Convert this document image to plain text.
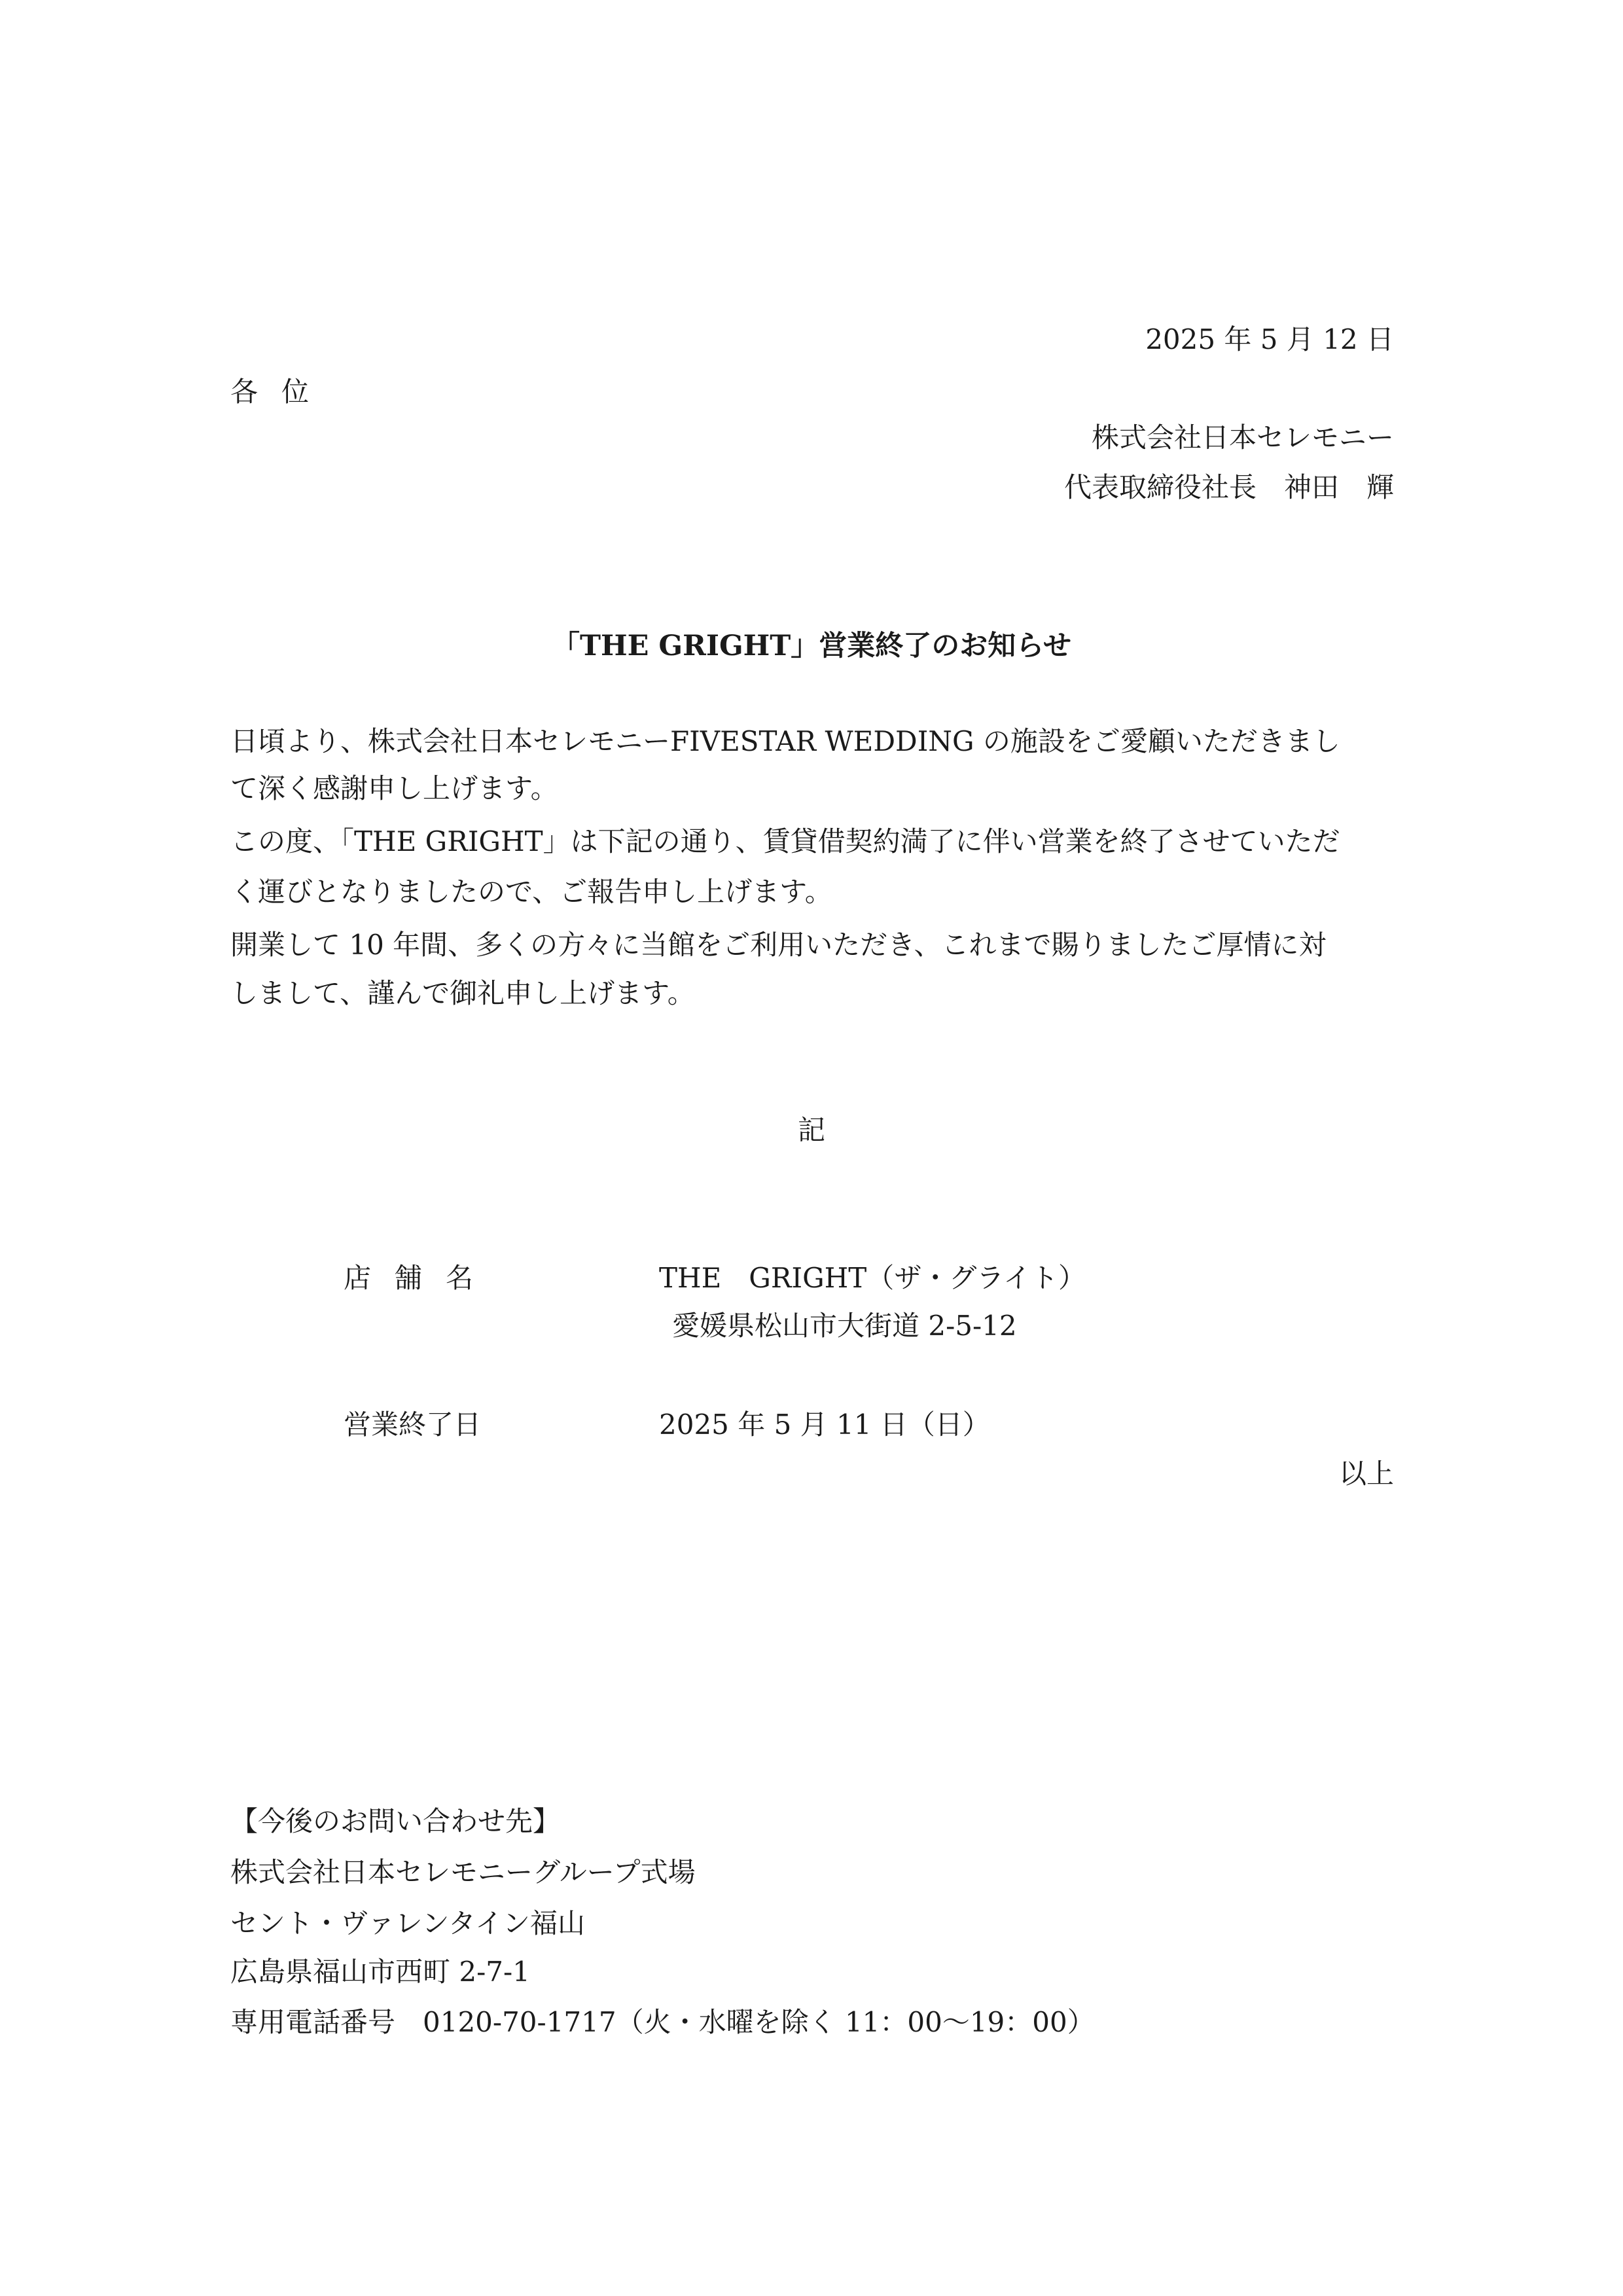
2025 年 5 月 12 日
各位
株式会社日本セレモニー
代表取締役社長　神田　輝
「THE GRIGHT」営業終了のお知らせ
日頃より、株式会社日本セレモニーFIVESTAR WEDDING の施設をご愛顧いただきまし
て深く感謝申し上げます。
この度、「THE GRIGHT」は下記の通り、賃貸借契約満了に伴い営業を終了させていただ
く運びとなりましたので、ご報告申し上げます。
開業して 10 年間、多くの方々に当館をご利用いただき、これまで賜りましたご厚情に対
しまして、謹んで御礼申し上げます。
記
店舗名	THE　GRIGHT（ザ・グライト）
愛媛県松山市大街道 2-5-12
営業終了日	2025 年 5 月 11 日（日）
以上
【今後のお問い合わせ先】
株式会社日本セレモニーグループ式場
セント・ヴァレンタイン福山
広島県福山市西町 2-7-1
専用電話番号　0120-70-1717（火・水曜を除く 11：00〜19：00）
